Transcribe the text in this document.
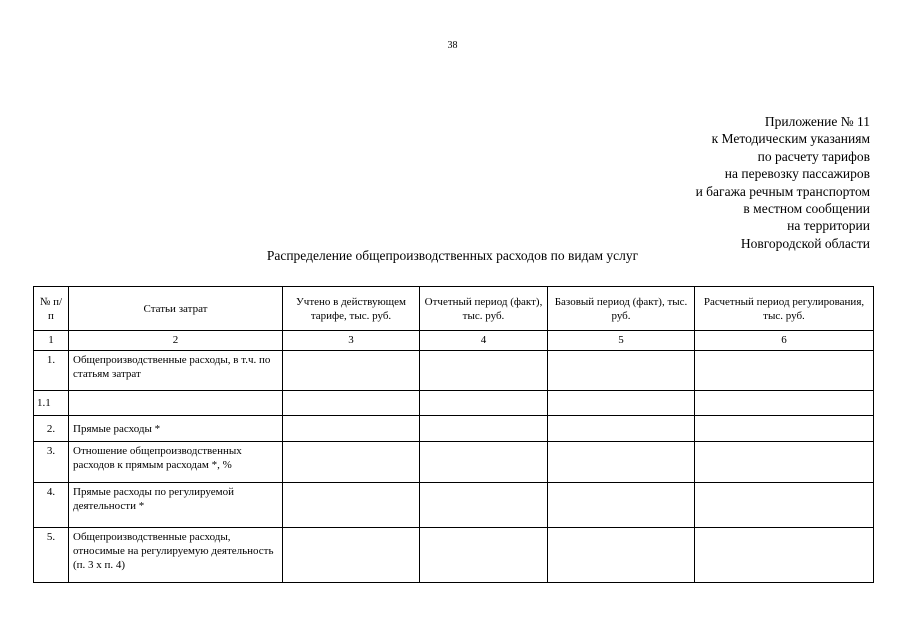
38
Приложение № 11
к Методическим указаниям
по расчету тарифов
на перевозку пассажиров
и багажа речным транспортом
в местном сообщении
на территории
Новгородской области
Распределение общепроизводственных расходов по видам услуг
№ п/п	Статьи затрат	Учтено в действующем тарифе, тыс. руб.	Отчетный период (факт), тыс. руб.	Базовый период (факт), тыс. руб.	Расчетный период регулирования, тыс. руб.
1	2	3	4	5	6
1.	Общепроизводственные расходы, в т.ч. по статьям затрат				
1.1					
2.	Прямые расходы *				
3.	Отношение общепроизводственных расходов к прямым расходам *, %				
4.	Прямые расходы по регулируемой деятельности *				
5.	Общепроизводственные расходы, относимые на регулируемую деятельность (п. 3 х п. 4)				
